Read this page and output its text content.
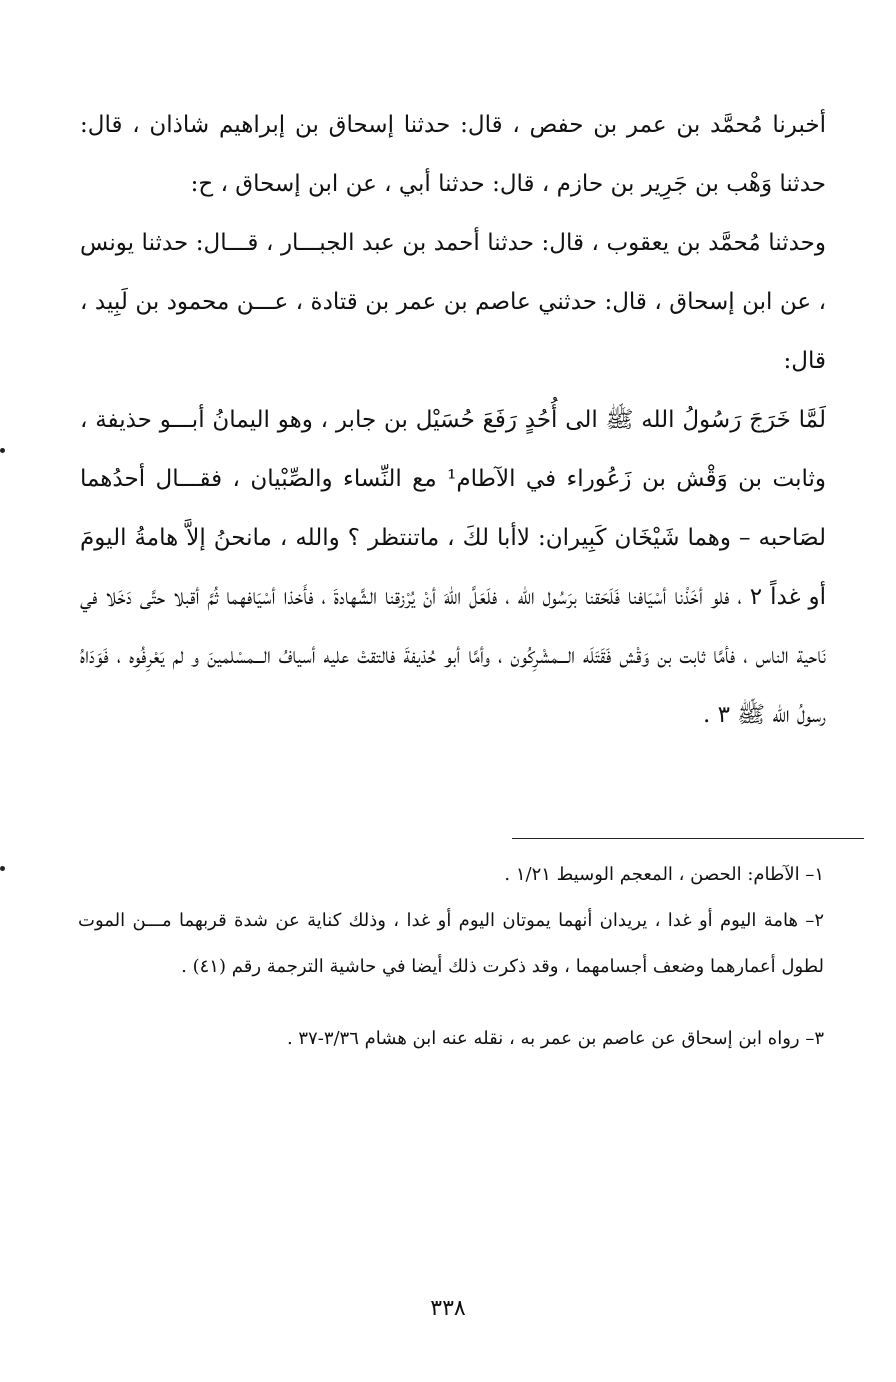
أخبرنا مُحمَّد بن عمر بن حفص ، قال: حدثنا إسحاق بن إبراهيم شاذان ، قال: حدثنا وَهْب بن جَرِير بن حازم ، قال: حدثنا أبي ، عن ابن إسحاق ، ح:

وحدثنا مُحمَّد بن يعقوب ، قال: حدثنا أحمد بن عبد الجبـــار ، قـــال: حدثنا يونس ، عن ابن إسحاق ، قال: حدثني عاصم بن عمر بن قتادة ، عـــن محمود بن لَبِيد ، قال:

لَمَّا خَرَجَ رَسُولُ الله ﷺ الى أُحُدٍ رَفَعَ حُسَيْل بن جابر ، وهو اليمانُ أبـــو حذيفة ، وثابت بن وَقْش بن زَعُوراء في الآطام¹ مع النِّساء والصِّبْيان ، فقـــال أحدُهما لصَاحبه – وهما شَيْخَان كَبِيران: لاأبا لكَ ، ماتنتظر ؟ والله ، مانحنُ إلاَّ هامةُ اليومَ أو غداً ٢ ، فلو أخَذْنا أسْيَافنا فَلَحَقنا برَسُول الله ، فلَعَلَّ اللهَ أنْ يُرْزقنا الشَّهادةَ ، فأَخذا أسْيَافهما ثُمَّ أقبلا حتَّى دَخَلا في نَاحية الناس ، فأمَّا ثابت بن وَقْش فَقَتَلَه الـــمشْرِكُون ، وأمَّا أبو حُذيفةَ فالتقتْ عليه أسيافُ الـــمسْلمينَ و لم يَعْرِفُوه ، فَوَدَاهُ رسولُ الله ﷺ ٣ .

١– الآطام: الحصن ، المعجم الوسيط ١/٢١ .

٢– هامة اليوم أو غدا ، يريدان أنهما يموتان اليوم أو غدا ، وذلك كناية عن شدة قربهما مـــن الموت لطول أعمارهما وضعف أجسامهما ، وقد ذكرت ذلك أيضا في حاشية الترجمة رقم (٤١) .

٣– رواه ابن إسحاق عن عاصم بن عمر به ، نقله عنه ابن هشام ٣/٣٦-٣٧ .

٣٣٨
